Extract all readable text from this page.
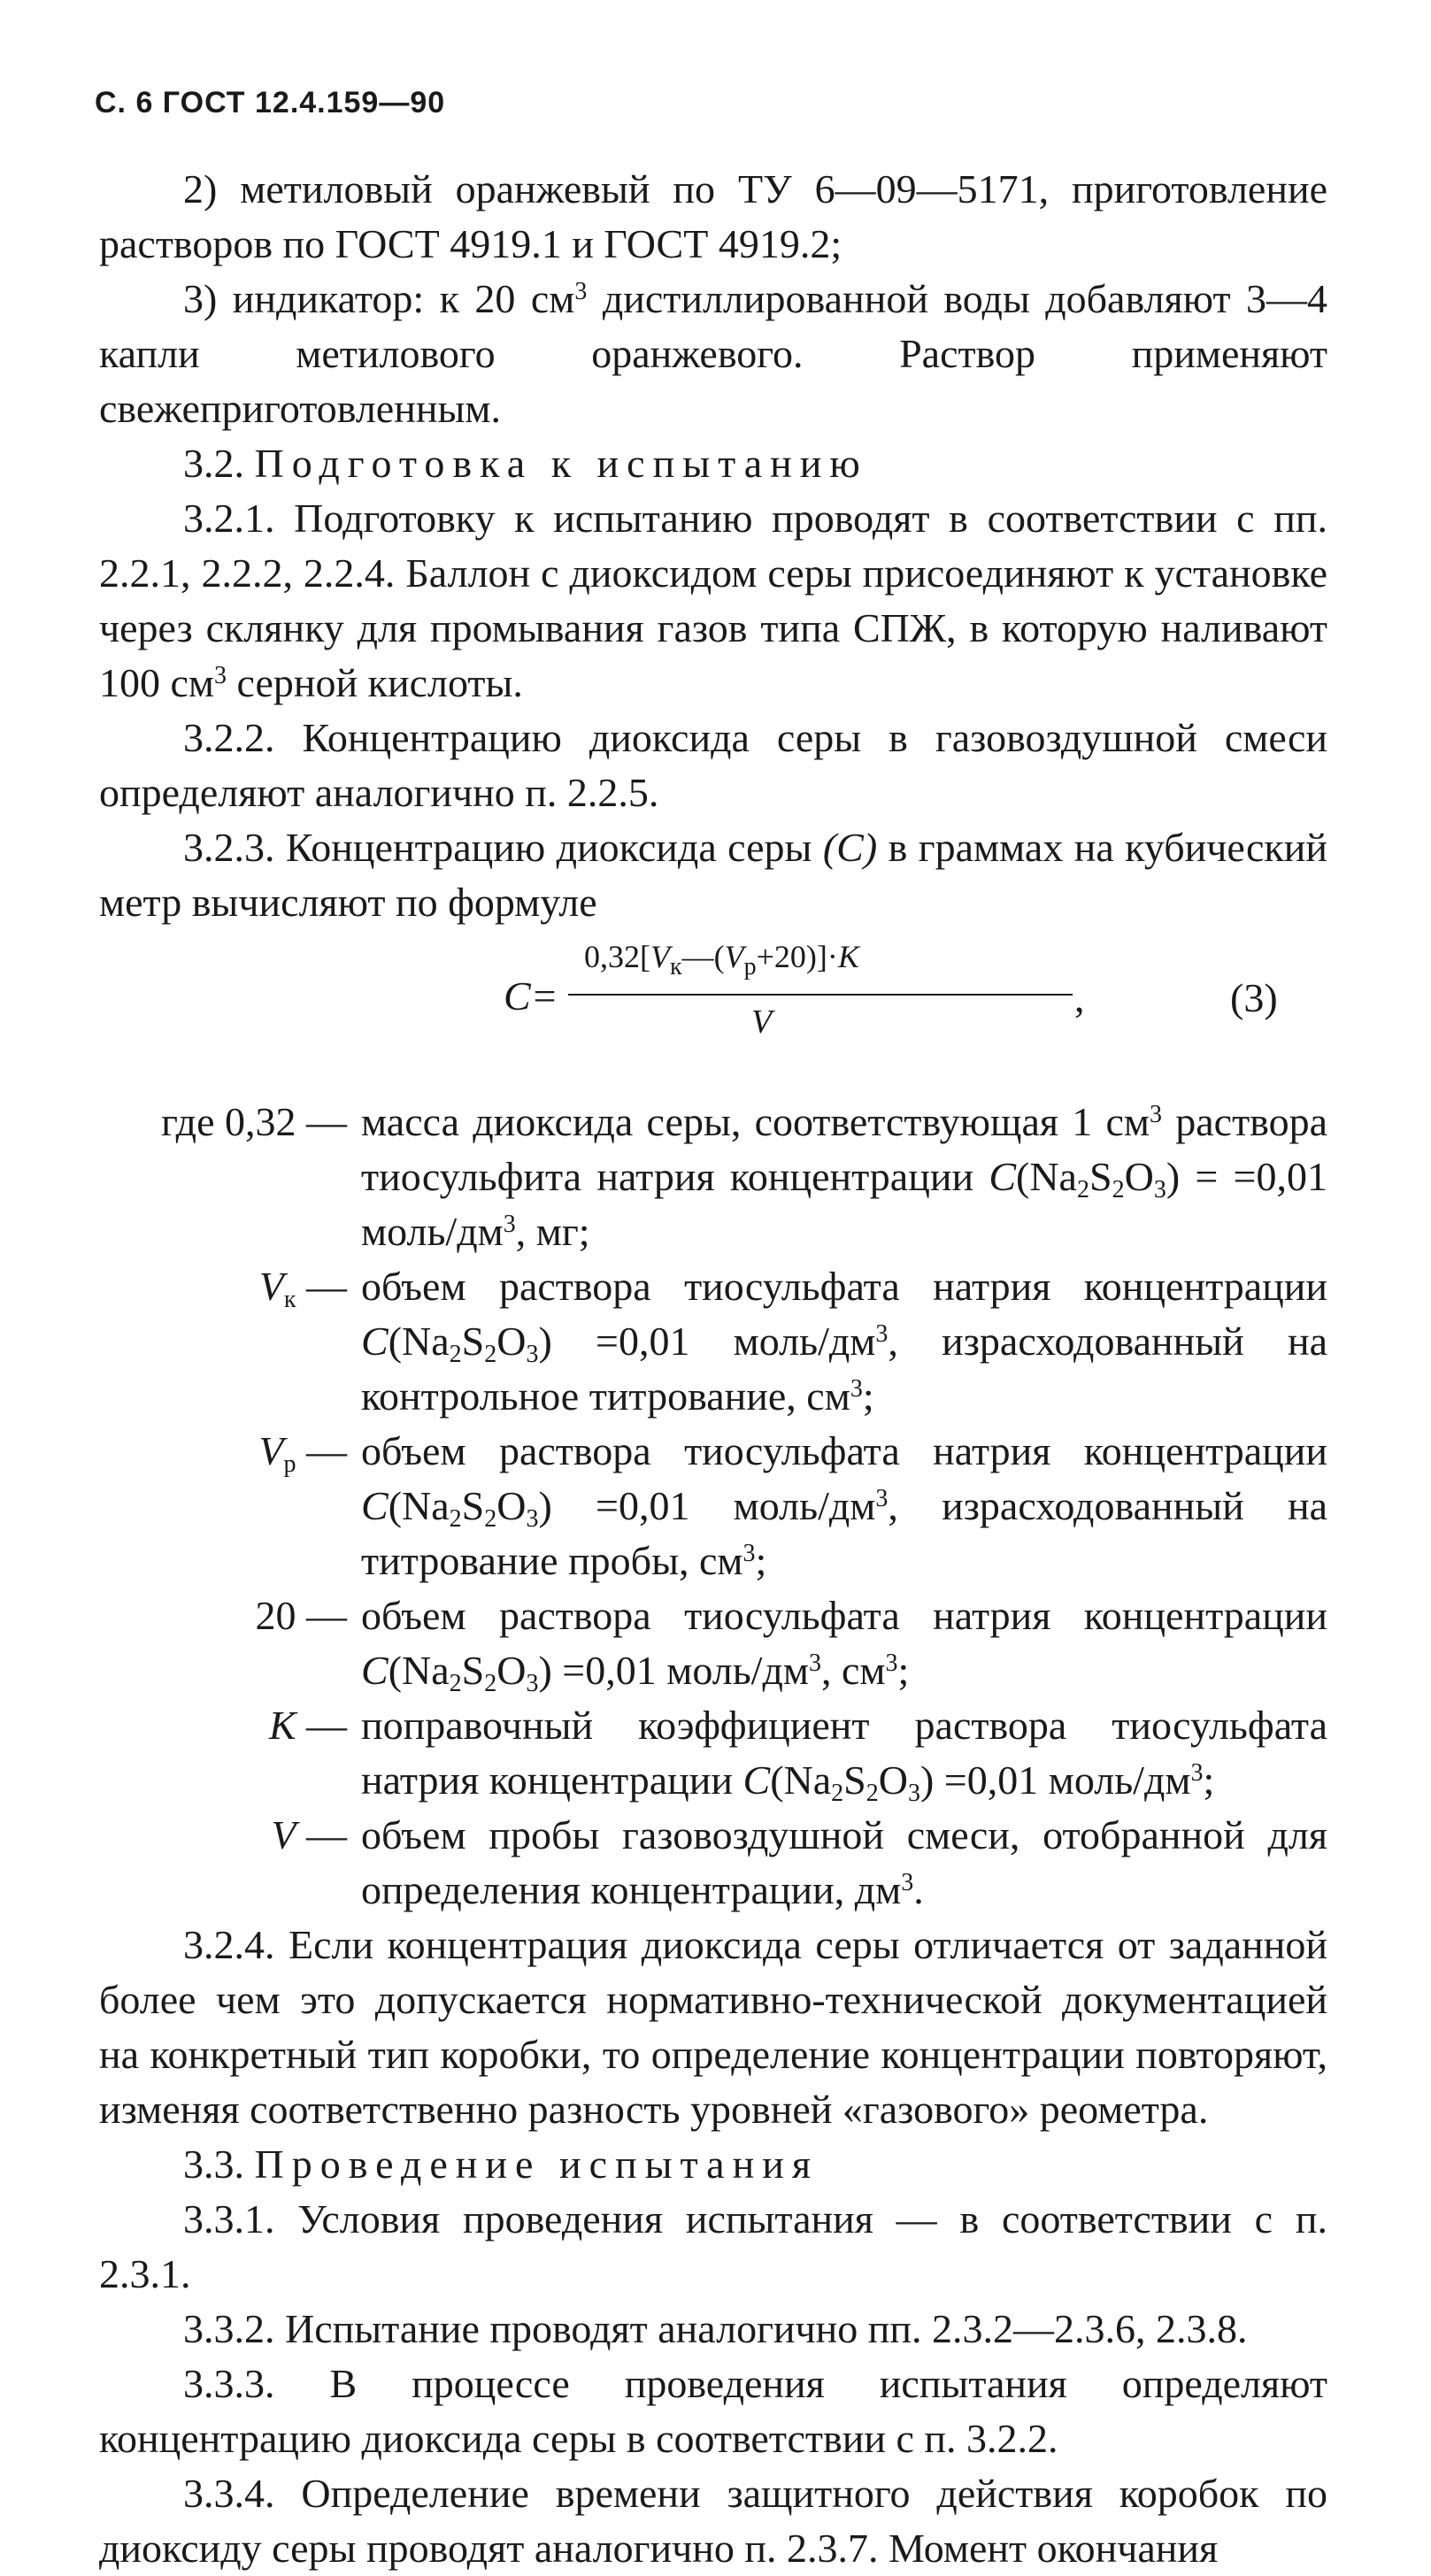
С. 6 ГОСТ 12.4.159—90

2) метиловый оранжевый по ТУ 6—09—5171, приготовление растворов по ГОСТ 4919.1 и ГОСТ 4919.2;

3) индикатор: к 20 $см^3$ дистиллированной воды добавляют 3—4 капли метилового оранжевого. Раствор применяют свежеприготовленным.

3.2. Подготовка к испытанию

3.2.1. Подготовку к испытанию проводят в соответствии с пп. 2.2.1, 2.2.2, 2.2.4. Баллон с диоксидом серы присоединяют к установке через склянку для промывания газов типа СПЖ, в которую наливают 100 $см^3$ серной кислоты.

3.2.2. Концентрацию диоксида серы в газовоздушной смеси определяют аналогично п. 2.2.5.

3.2.3. Концентрацию диоксида серы (C) в граммах на кубический метр вычисляют по формуле

C=
$0,32[V_к—(V_р+20)]\cdot K$
V
,	(3)
где 0,32 — масса диоксида серы, соответствующая 1 $см^3$ раствора тиосульфита натрия концентрации $C(Na_2S_2O_3) = =0,01$ моль/$дм^3$, мг;
$V_к$ — объем раствора тиосульфата натрия концентрации $C(Na_2S_2O_3) =0,01$ моль/$дм^3$, израсходованный на контрольное титрование, $см^3$;
$V_р$ — объем раствора тиосульфата натрия концентрации $C(Na_2S_2O_3) =0,01$ моль/$дм^3$, израсходованный на титрование пробы, $см^3$;
20 — объем раствора тиосульфата натрия концентрации $C(Na_2S_2O_3) =0,01$ моль/$дм^3$, $см^3$;
K — поправочный коэффициент раствора тиосульфата натрия концентрации $C(Na_2S_2O_3) =0,01$ моль/$дм^3$;
V — объем пробы газовоздушной смеси, отобранной для определения концентрации, $дм^3$.

3.2.4. Если концентрация диоксида серы отличается от заданной более чем это допускается нормативно-технической документацией на конкретный тип коробки, то определение концентрации повторяют, изменяя соответственно разность уровней «газового» реометра.

3.3. Проведение испытания

3.3.1. Условия проведения испытания — в соответствии с п. 2.3.1.

3.3.2. Испытание проводят аналогично пп. 2.3.2—2.3.6, 2.3.8.

3.3.3. В процессе проведения испытания определяют концентрацию диоксида серы в соответствии с п. 3.2.2.

3.3.4. Определение времени защитного действия коробок по диоксиду серы проводят аналогично п. 2.3.7. Момент окончания
